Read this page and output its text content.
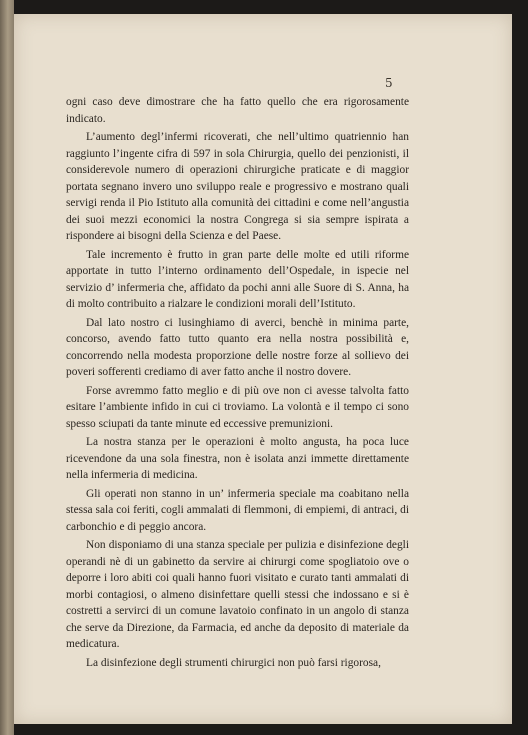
5

ogni caso deve dimostrare che ha fatto quello che era rigorosamente indicato.

L’aumento degl’infermi ricoverati, che nell’ultimo quatriennio han raggiunto l’ingente cifra di 597 in sola Chirurgia, quello dei penzionisti, il considerevole numero di operazioni chirurgiche praticate e di maggior portata segnano invero uno sviluppo reale e progressivo e mostrano quali servigi renda il Pio Istituto alla comunità dei cittadini e come nell’angustia dei suoi mezzi economici la nostra Congrega si sia sempre ispirata a rispondere ai bisogni della Scienza e del Paese.

Tale incremento è frutto in gran parte delle molte ed utili riforme apportate in tutto l’interno ordinamento dell’Ospedale, in ispecie nel servizio d’ infermeria che, affidato da pochi anni alle Suore di S. Anna, ha di molto contribuito a rialzare le condizioni morali dell’Istituto.

Dal lato nostro ci lusinghiamo di averci, benchè in minima parte, concorso, avendo fatto tutto quanto era nella nostra possibilità e, concorrendo nella modesta proporzione delle nostre forze al sollievo dei poveri sofferenti crediamo di aver fatto anche il nostro dovere.

Forse avremmo fatto meglio e di più ove non ci avesse talvolta fatto esitare l’ambiente infido in cui ci troviamo. La volontà e il tempo ci sono spesso sciupati da tante minute ed eccessive premunizioni.

La nostra stanza per le operazioni è molto angusta, ha poca luce ricevendone da una sola finestra, non è isolata anzi immette direttamente nella infermeria di medicina.

Gli operati non stanno in un’ infermeria speciale ma coabitano nella stessa sala coi feriti, cogli ammalati di flemmoni, di empiemi, di antraci, di carbonchio e di peggio ancora.

Non disponiamo di una stanza speciale per pulizia e disinfezione degli operandi nè di un gabinetto da servire ai chirurgi come spogliatoio ove o deporre i loro abiti coi quali hanno fuori visitato e curato tanti ammalati di morbi contagiosi, o almeno disinfettare quelli stessi che indossano e si è costretti a servirci di un comune lavatoio confinato in un angolo di stanza che serve da Direzione, da Farmacia, ed anche da deposito di materiale da medicatura.

La disinfezione degli strumenti chirurgici non può farsi rigorosa,
